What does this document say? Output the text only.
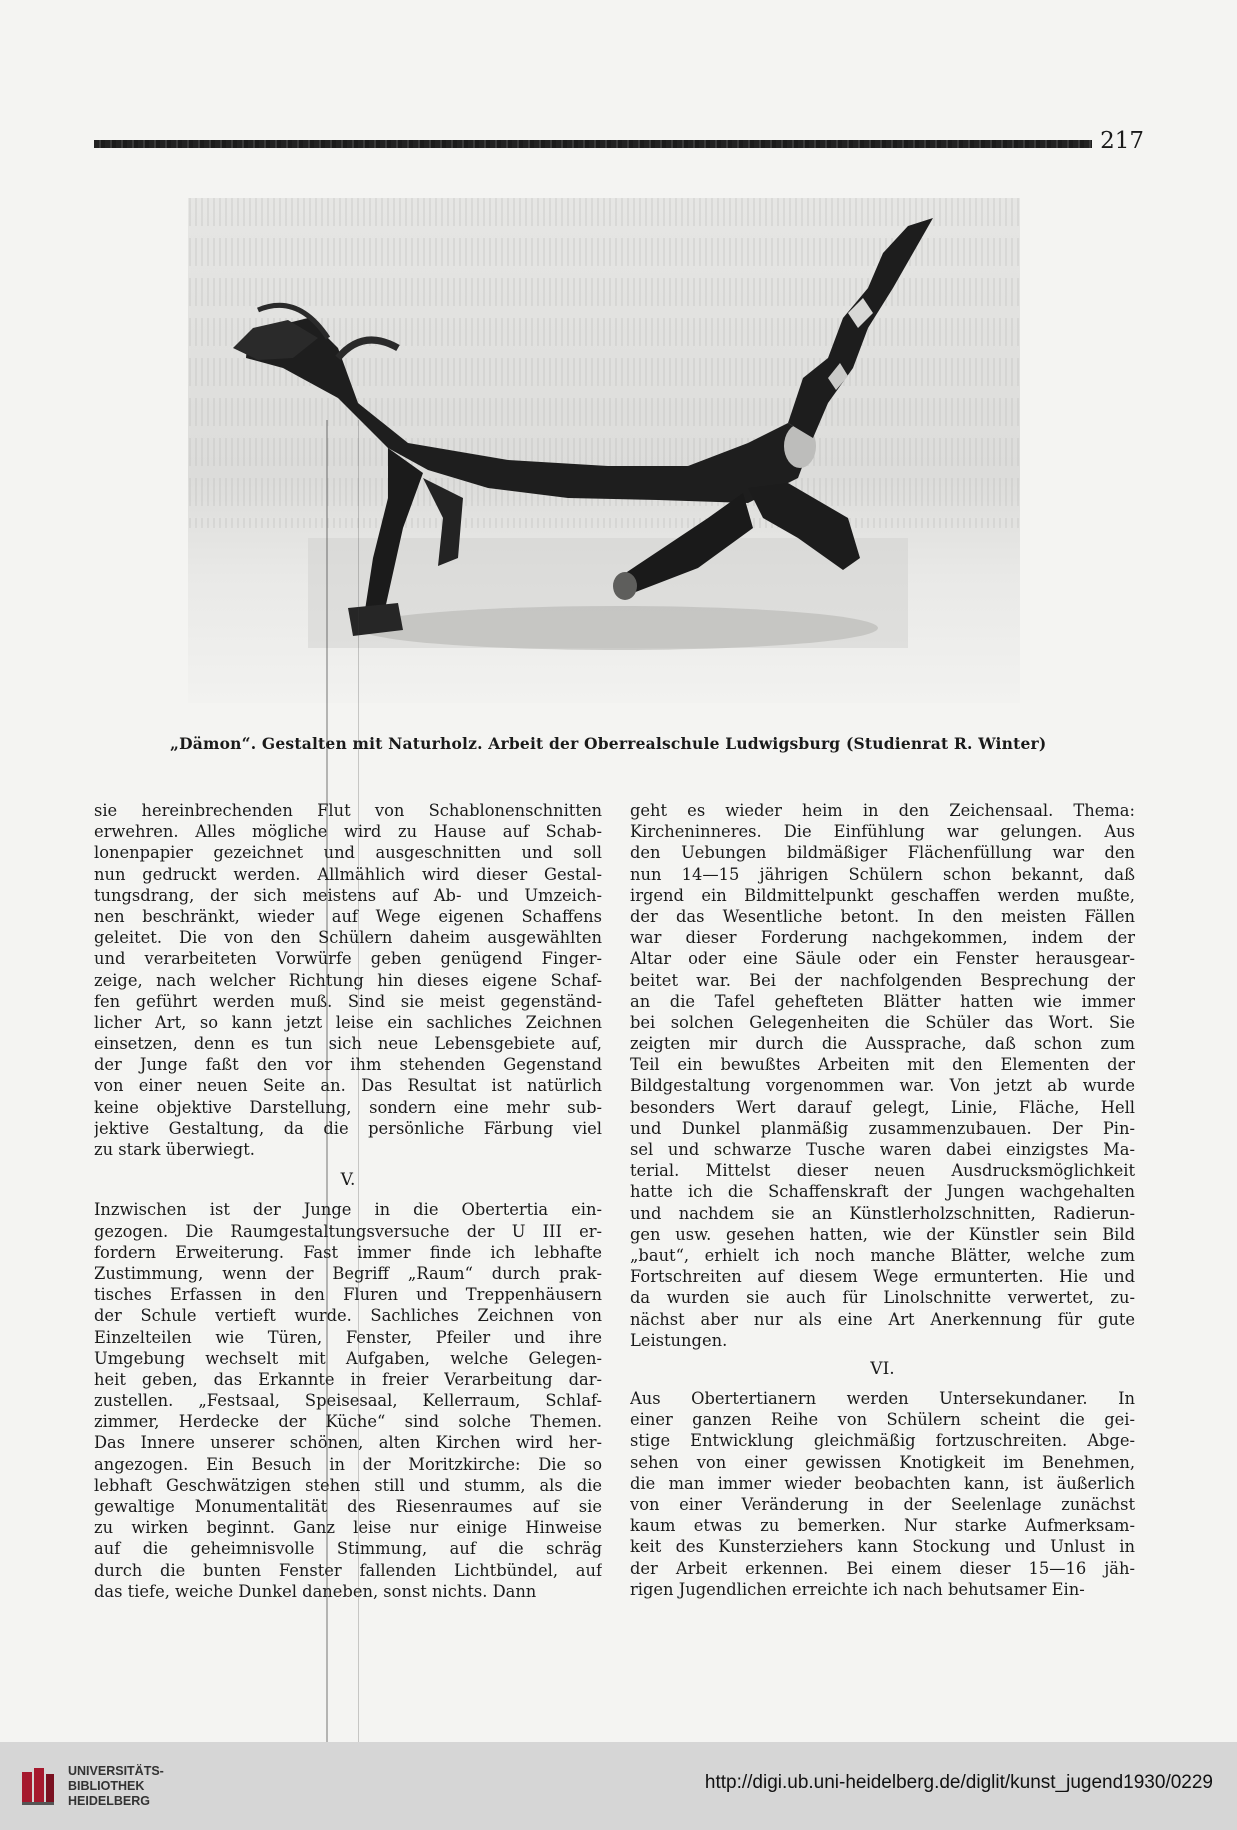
217
„Dämon“. Gestalten mit Naturholz. Arbeit der Oberrealschule Ludwigsburg (Studienrat R. Winter)
sie hereinbrechenden Flut von Schablonenschnitten
erwehren. Alles mögliche wird zu Hause auf Schab-
lonenpapier gezeichnet und ausgeschnitten und soll
nun gedruckt werden. Allmählich wird dieser Gestal-
tungsdrang, der sich meistens auf Ab- und Umzeich-
nen beschränkt, wieder auf Wege eigenen Schaffens
geleitet. Die von den Schülern daheim ausgewählten
und verarbeiteten Vorwürfe geben genügend Finger-
zeige, nach welcher Richtung hin dieses eigene Schaf-
fen geführt werden muß. Sind sie meist gegenständ-
licher Art, so kann jetzt leise ein sachliches Zeichnen
einsetzen, denn es tun sich neue Lebensgebiete auf,
der Junge faßt den vor ihm stehenden Gegenstand
von einer neuen Seite an. Das Resultat ist natürlich
keine objektive Darstellung, sondern eine mehr sub-
jektive Gestaltung, da die persönliche Färbung viel
zu stark überwiegt.
V.
Inzwischen ist der Junge in die Obertertia ein-
gezogen. Die Raumgestaltungsversuche der U III er-
fordern Erweiterung. Fast immer finde ich lebhafte
Zustimmung, wenn der Begriff „Raum“ durch prak-
tisches Erfassen in den Fluren und Treppenhäusern
der Schule vertieft wurde. Sachliches Zeichnen von
Einzelteilen wie Türen, Fenster, Pfeiler und ihre
Umgebung wechselt mit Aufgaben, welche Gelegen-
heit geben, das Erkannte in freier Verarbeitung dar-
zustellen. „Festsaal, Speisesaal, Kellerraum, Schlaf-
zimmer, Herdecke der Küche“ sind solche Themen.
Das Innere unserer schönen, alten Kirchen wird her-
angezogen. Ein Besuch in der Moritzkirche: Die so
lebhaft Geschwätzigen stehen still und stumm, als die
gewaltige Monumentalität des Riesenraumes auf sie
zu wirken beginnt. Ganz leise nur einige Hinweise
auf die geheimnisvolle Stimmung, auf die schräg
durch die bunten Fenster fallenden Lichtbündel, auf
das tiefe, weiche Dunkel daneben, sonst nichts. Dann
geht es wieder heim in den Zeichensaal. Thema:
Kircheninneres. Die Einfühlung war gelungen. Aus
den Uebungen bildmäßiger Flächenfüllung war den
nun 14—15 jährigen Schülern schon bekannt, daß
irgend ein Bildmittelpunkt geschaffen werden mußte,
der das Wesentliche betont. In den meisten Fällen
war dieser Forderung nachgekommen, indem der
Altar oder eine Säule oder ein Fenster herausgear-
beitet war. Bei der nachfolgenden Besprechung der
an die Tafel gehefteten Blätter hatten wie immer
bei solchen Gelegenheiten die Schüler das Wort. Sie
zeigten mir durch die Aussprache, daß schon zum
Teil ein bewußtes Arbeiten mit den Elementen der
Bildgestaltung vorgenommen war. Von jetzt ab wurde
besonders Wert darauf gelegt, Linie, Fläche, Hell
und Dunkel planmäßig zusammenzubauen. Der Pin-
sel und schwarze Tusche waren dabei einzigstes Ma-
terial. Mittelst dieser neuen Ausdrucksmöglichkeit
hatte ich die Schaffenskraft der Jungen wachgehalten
und nachdem sie an Künstlerholzschnitten, Radierun-
gen usw. gesehen hatten, wie der Künstler sein Bild
„baut“, erhielt ich noch manche Blätter, welche zum
Fortschreiten auf diesem Wege ermunterten. Hie und
da wurden sie auch für Linolschnitte verwertet, zu-
nächst aber nur als eine Art Anerkennung für gute
Leistungen.
VI.
Aus Obertertianern werden Untersekundaner. In
einer ganzen Reihe von Schülern scheint die gei-
stige Entwicklung gleichmäßig fortzuschreiten. Abge-
sehen von einer gewissen Knotigkeit im Benehmen,
die man immer wieder beobachten kann, ist äußerlich
von einer Veränderung in der Seelenlage zunächst
kaum etwas zu bemerken. Nur starke Aufmerksam-
keit des Kunsterziehers kann Stockung und Unlust in
der Arbeit erkennen. Bei einem dieser 15—16 jäh-
rigen Jugendlichen erreichte ich nach behutsamer Ein-
UNIVERSITÄTS-
BIBLIOTHEK
HEIDELBERG
http://digi.ub.uni-heidelberg.de/diglit/kunst_jugend1930/0229
